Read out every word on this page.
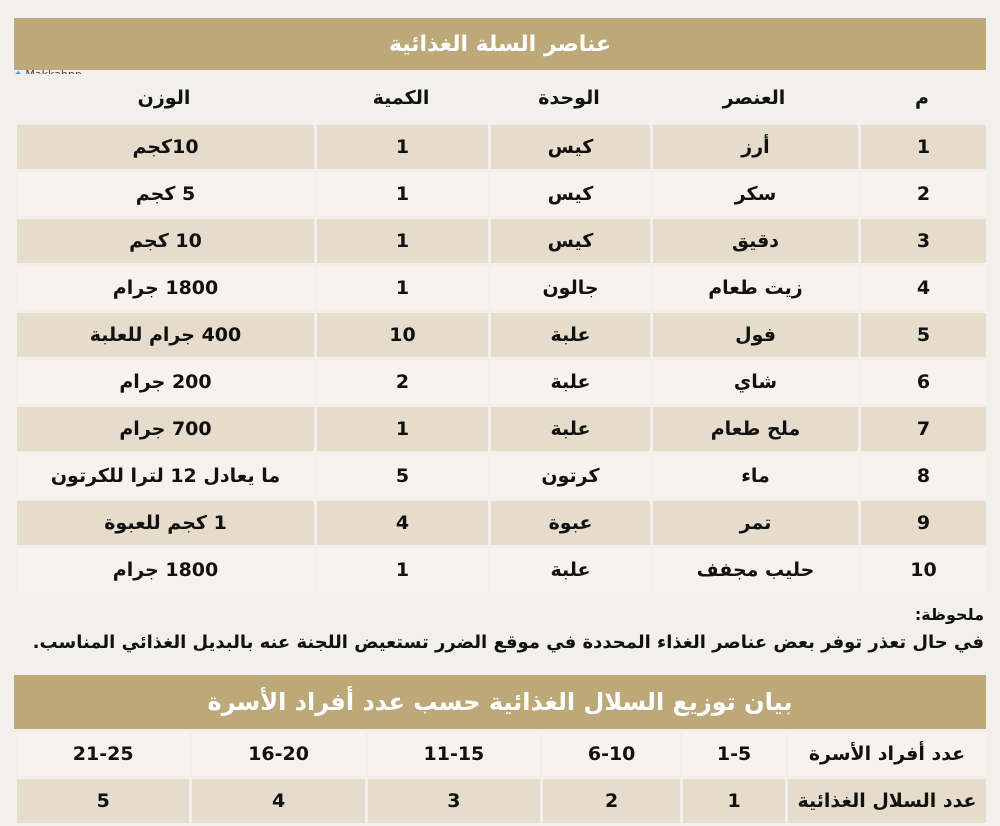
عناصر السلة الغذائية
م	العنصر	الوحدة	الكمية	الوزن
1	أرز	كيس	1	10كجم
2	سكر	كيس	1	5 كجم
3	دقيق	كيس	1	10 كجم
4	زيت طعام	جالون	1	1800 جرام
5	فول	علبة	10	400 جرام للعلبة
6	شاي	علبة	2	200 جرام
7	ملح طعام	علبة	1	700 جرام
8	ماء	كرتون	5	ما يعادل 12 لترا للكرتون
9	تمر	عبوة	4	1 كجم للعبوة
10	حليب مجفف	علبة	1	1800 جرام
ملحوظة:
في حال تعذر توفر بعض عناصر الغذاء المحددة في موقع الضرر تستعيض اللجنة عنه بالبديل الغذائي المناسب.
بيان توزيع السلال الغذائية حسب عدد أفراد الأسرة
عدد أفراد الأسرة	1-5	6-10	11-15	16-20	21-25
عدد السلال الغذائية	1	2	3	4	5
